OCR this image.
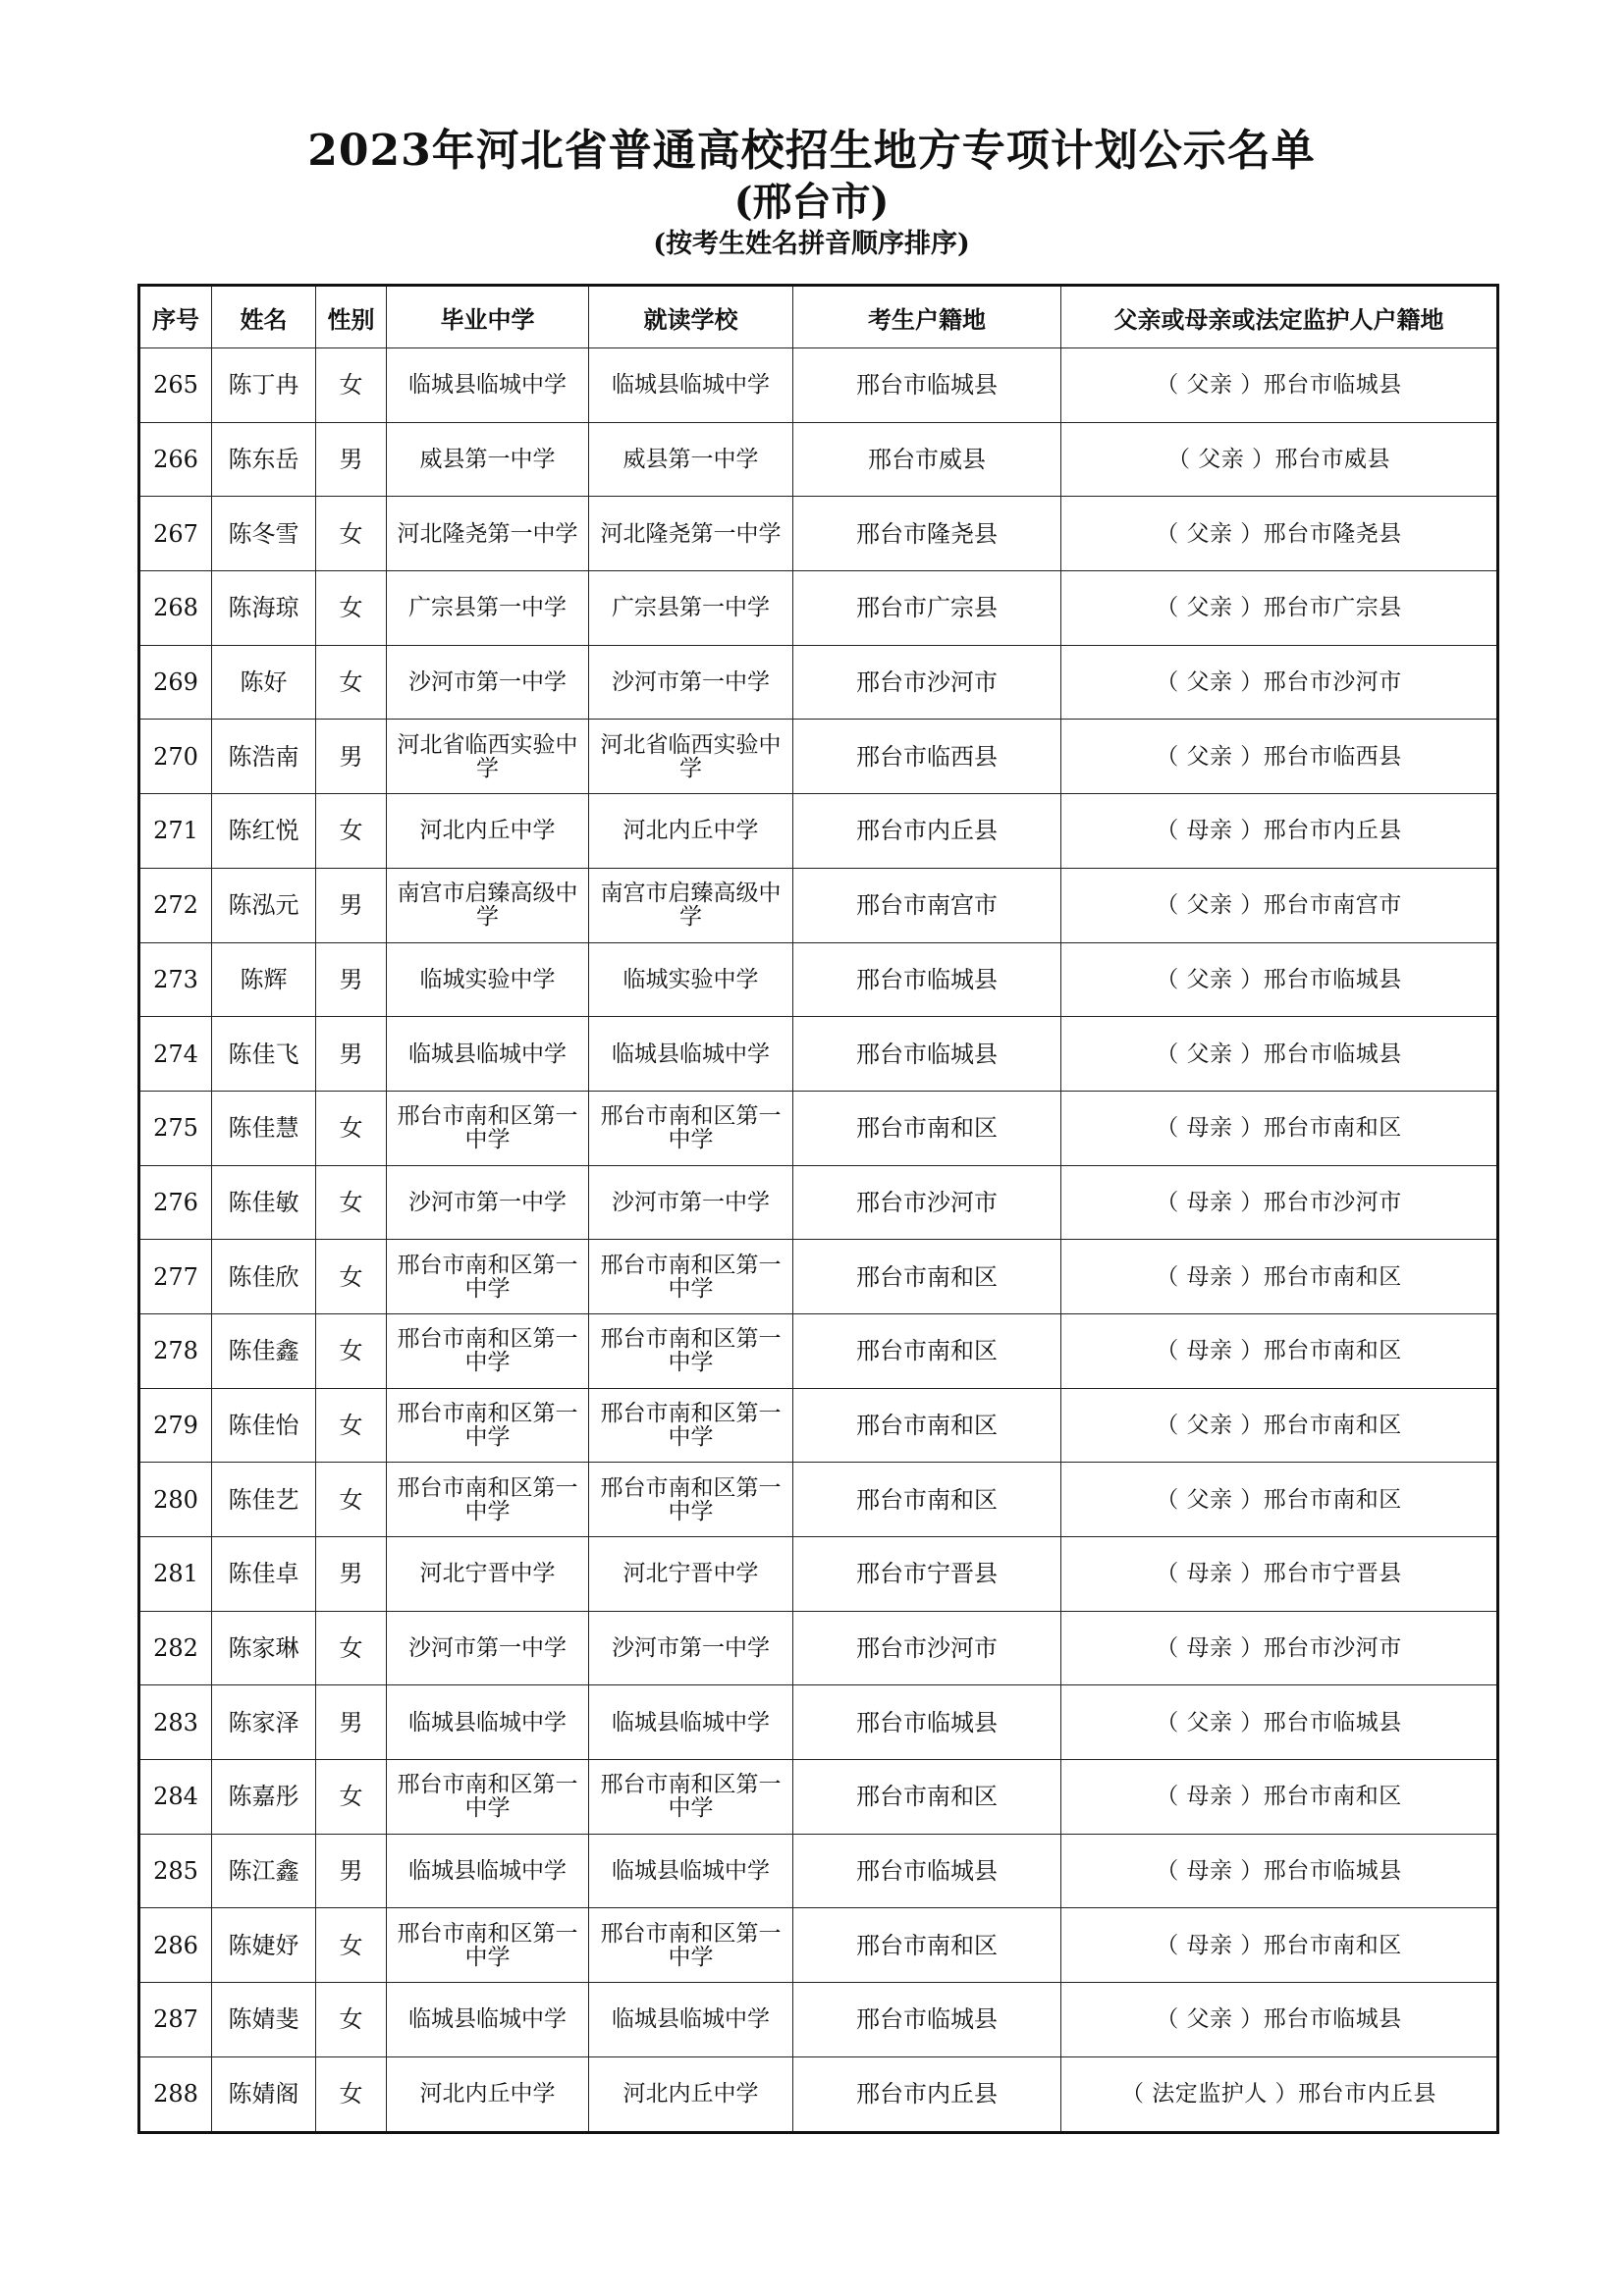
2023年河北省普通高校招生地方专项计划公示名单
(邢台市)
(按考生姓名拼音顺序排序)
序号	姓名	性别	毕业中学	就读学校	考生户籍地	父亲或母亲或法定监护人户籍地
265	陈丁冉	女	临城县临城中学	临城县临城中学	邢台市临城县	（ 父亲 ）邢台市临城县
266	陈东岳	男	威县第一中学	威县第一中学	邢台市威县	（ 父亲 ）邢台市威县
267	陈冬雪	女	河北隆尧第一中学	河北隆尧第一中学	邢台市隆尧县	（ 父亲 ）邢台市隆尧县
268	陈海琼	女	广宗县第一中学	广宗县第一中学	邢台市广宗县	（ 父亲 ）邢台市广宗县
269	陈好	女	沙河市第一中学	沙河市第一中学	邢台市沙河市	（ 父亲 ）邢台市沙河市
270	陈浩南	男	河北省临西实验中学	河北省临西实验中学	邢台市临西县	（ 父亲 ）邢台市临西县
271	陈红悦	女	河北内丘中学	河北内丘中学	邢台市内丘县	（ 母亲 ）邢台市内丘县
272	陈泓元	男	南宫市启臻高级中学	南宫市启臻高级中学	邢台市南宫市	（ 父亲 ）邢台市南宫市
273	陈辉	男	临城实验中学	临城实验中学	邢台市临城县	（ 父亲 ）邢台市临城县
274	陈佳飞	男	临城县临城中学	临城县临城中学	邢台市临城县	（ 父亲 ）邢台市临城县
275	陈佳慧	女	邢台市南和区第一中学	邢台市南和区第一中学	邢台市南和区	（ 母亲 ）邢台市南和区
276	陈佳敏	女	沙河市第一中学	沙河市第一中学	邢台市沙河市	（ 母亲 ）邢台市沙河市
277	陈佳欣	女	邢台市南和区第一中学	邢台市南和区第一中学	邢台市南和区	（ 母亲 ）邢台市南和区
278	陈佳鑫	女	邢台市南和区第一中学	邢台市南和区第一中学	邢台市南和区	（ 母亲 ）邢台市南和区
279	陈佳怡	女	邢台市南和区第一中学	邢台市南和区第一中学	邢台市南和区	（ 父亲 ）邢台市南和区
280	陈佳艺	女	邢台市南和区第一中学	邢台市南和区第一中学	邢台市南和区	（ 父亲 ）邢台市南和区
281	陈佳卓	男	河北宁晋中学	河北宁晋中学	邢台市宁晋县	（ 母亲 ）邢台市宁晋县
282	陈家琳	女	沙河市第一中学	沙河市第一中学	邢台市沙河市	（ 母亲 ）邢台市沙河市
283	陈家泽	男	临城县临城中学	临城县临城中学	邢台市临城县	（ 父亲 ）邢台市临城县
284	陈嘉彤	女	邢台市南和区第一中学	邢台市南和区第一中学	邢台市南和区	（ 母亲 ）邢台市南和区
285	陈江鑫	男	临城县临城中学	临城县临城中学	邢台市临城县	（ 母亲 ）邢台市临城县
286	陈婕妤	女	邢台市南和区第一中学	邢台市南和区第一中学	邢台市南和区	（ 母亲 ）邢台市南和区
287	陈婧斐	女	临城县临城中学	临城县临城中学	邢台市临城县	（ 父亲 ）邢台市临城县
288	陈婧阁	女	河北内丘中学	河北内丘中学	邢台市内丘县	（ 法定监护人 ）邢台市内丘县
